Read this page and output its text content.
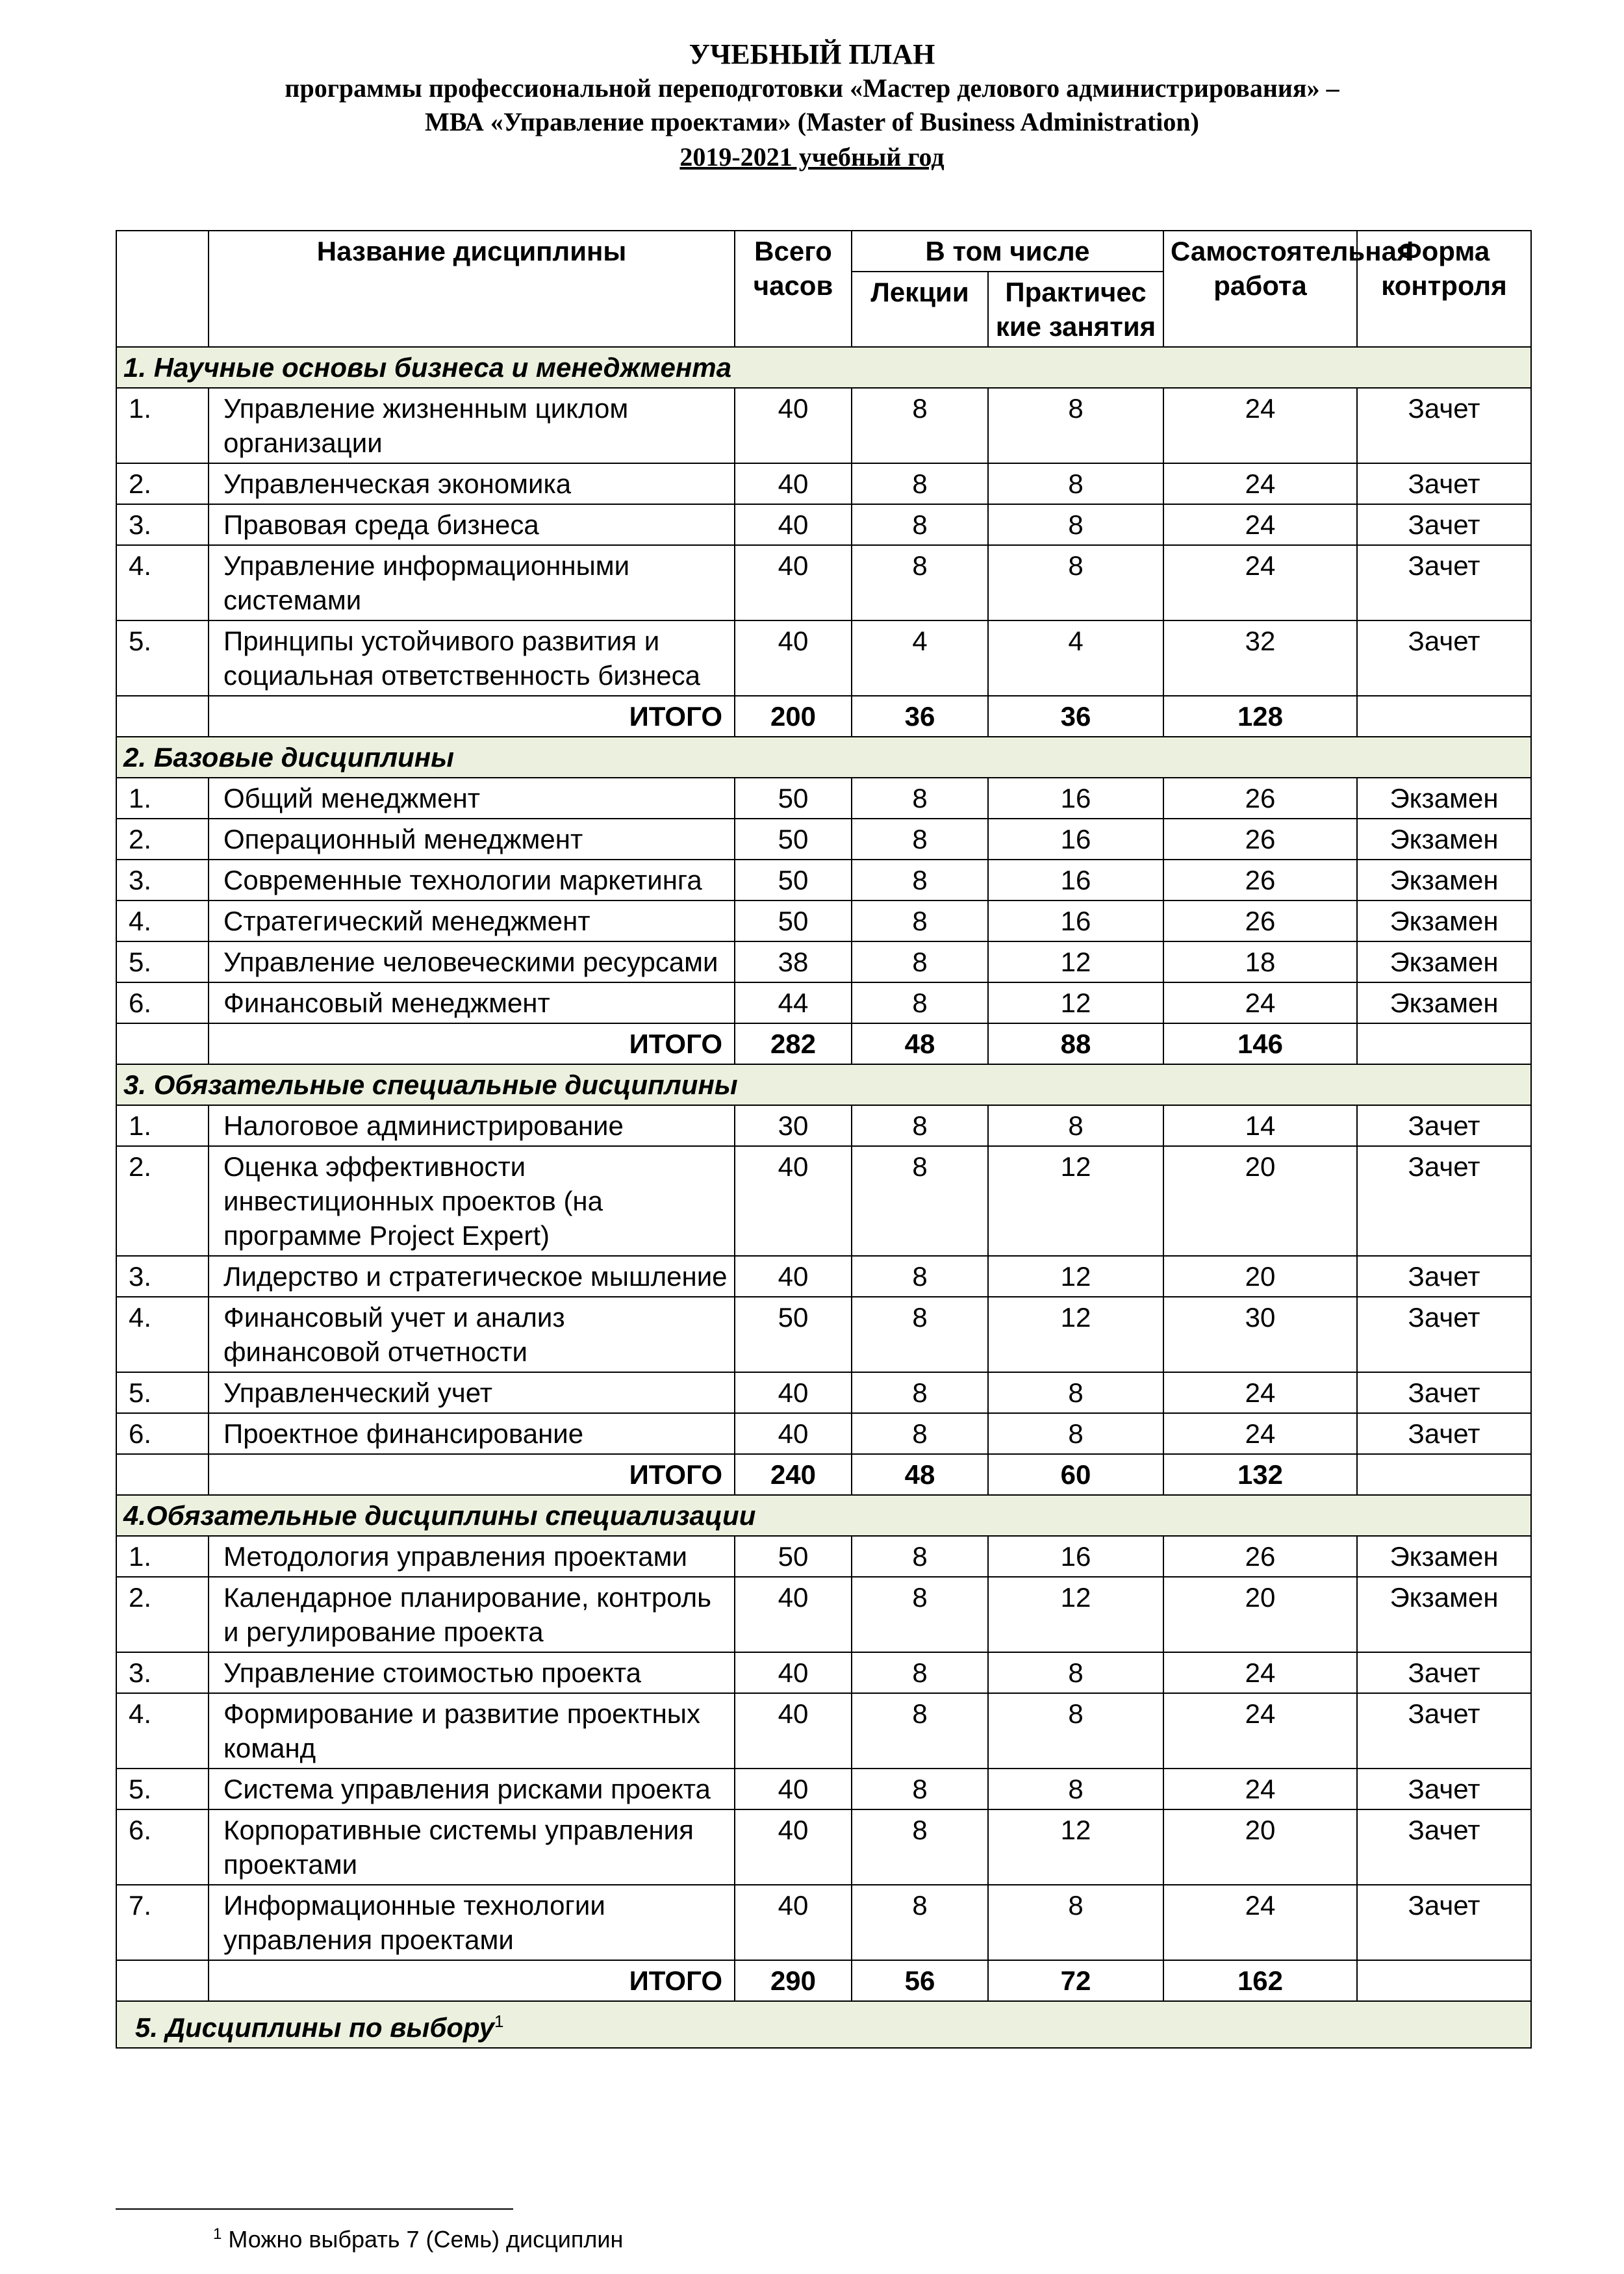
УЧЕБНЫЙ ПЛАН
программы профессиональной переподготовки «Мастер делового администрирования» –
МВА «Управление проектами» (Master of Business Administration)
2019-2021 учебный год
	Название дисциплины	Всего часов	В том числе		Самостоятельная работа	Форма контроля
			Лекции	Практичес кие занятия		
1. Научные основы бизнеса и менеджмента						
1.	Управление жизненным циклом организации	40	8	8	24	Зачет
2.	Управленческая экономика	40	8	8	24	Зачет
3.	Правовая среда бизнеса	40	8	8	24	Зачет
4.	Управление информационными системами	40	8	8	24	Зачет
5.	Принципы устойчивого развития и социальная ответственность бизнеса	40	4	4	32	Зачет
	ИТОГО	200	36	36	128	
2. Базовые дисциплины						
1.	Общий менеджмент	50	8	16	26	Экзамен
2.	Операционный менеджмент	50	8	16	26	Экзамен
3.	Современные технологии маркетинга	50	8	16	26	Экзамен
4.	Стратегический менеджмент	50	8	16	26	Экзамен
5.	Управление человеческими ресурсами	38	8	12	18	Экзамен
6.	Финансовый менеджмент	44	8	12	24	Экзамен
	ИТОГО	282	48	88	146	
3. Обязательные специальные дисциплины						
1.	Налоговое администрирование	30	8	8	14	Зачет
2.	Оценка эффективности инвестиционных проектов (на программе Project Expert)	40	8	12	20	Зачет
3.	Лидерство и стратегическое мышление	40	8	12	20	Зачет
4.	Финансовый учет и анализ финансовой отчетности	50	8	12	30	Зачет
5.	Управленческий учет	40	8	8	24	Зачет
6.	Проектное финансирование	40	8	8	24	Зачет
	ИТОГО	240	48	60	132	
4.Обязательные дисциплины специализации						
1.	Методология управления проектами	50	8	16	26	Экзамен
2.	Календарное планирование, контроль и регулирование проекта	40	8	12	20	Экзамен
3.	Управление стоимостью проекта	40	8	8	24	Зачет
4.	Формирование и развитие проектных команд	40	8	8	24	Зачет
5.	Система управления рисками проекта	40	8	8	24	Зачет
6.	Корпоративные системы управления проектами	40	8	12	20	Зачет
7.	Информационные технологии управления проектами	40	8	8	24	Зачет
	ИТОГО	290	56	72	162	
5. Дисциплины по выбору$^1$
$^1$ Можно выбрать 7 (Семь) дисциплин
